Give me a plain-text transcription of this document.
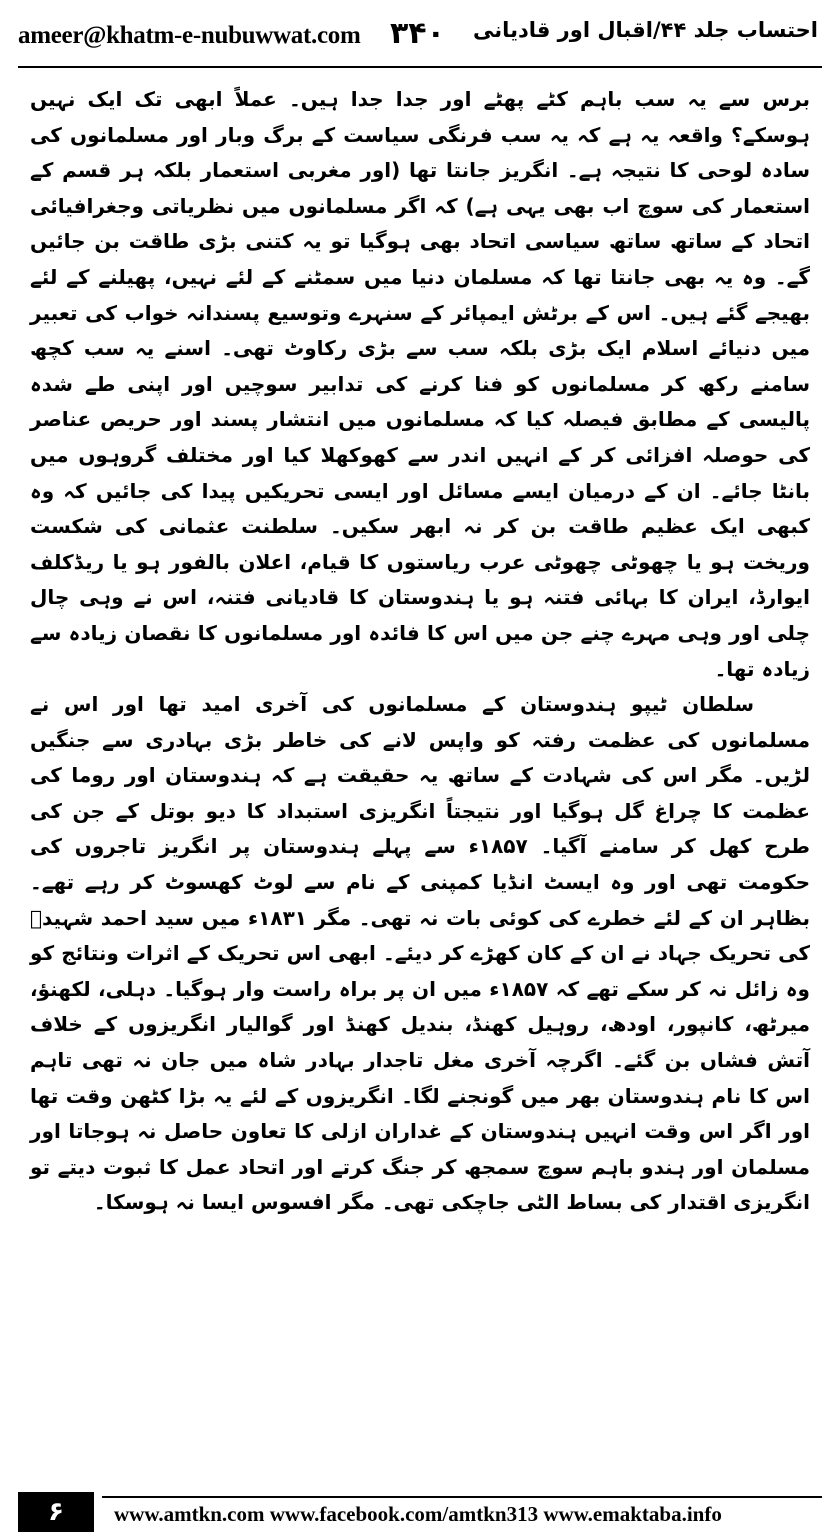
ameer@khatm-e-nubuwwat.com ۳۴۰ احتساب جلد ۴۴/اقبال اور قادیانی

برس سے یہ سب باہم کٹے پھٹے اور جدا جدا ہیں۔ عملاً ابھی تک ایک نہیں ہوسکے؟ واقعہ یہ ہے کہ یہ سب فرنگی سیاست کے برگ وبار اور مسلمانوں کی سادہ لوحی کا نتیجہ ہے۔ انگریز جانتا تھا (اور مغربی استعمار بلکہ ہر قسم کے استعمار کی سوچ اب بھی یہی ہے) کہ اگر مسلمانوں میں نظریاتی وجغرافیائی اتحاد کے ساتھ ساتھ سیاسی اتحاد بھی ہوگیا تو یہ کتنی بڑی طاقت بن جائیں گے۔ وہ یہ بھی جانتا تھا کہ مسلمان دنیا میں سمٹنے کے لئے نہیں، پھیلنے کے لئے بھیجے گئے ہیں۔ اس کے برٹش ایمپائر کے سنہرے وتوسیع پسندانہ خواب کی تعبیر میں دنیائے اسلام ایک بڑی بلکہ سب سے بڑی رکاوٹ تھی۔ اسنے یہ سب کچھ سامنے رکھ کر مسلمانوں کو فنا کرنے کی تدابیر سوچیں اور اپنی طے شدہ پالیسی کے مطابق فیصلہ کیا کہ مسلمانوں میں انتشار پسند اور حریص عناصر کی حوصلہ افزائی کر کے انہیں اندر سے کھوکھلا کیا اور مختلف گروہوں میں بانٹا جائے۔ ان کے درمیان ایسے مسائل اور ایسی تحریکیں پیدا کی جائیں کہ وہ کبھی ایک عظیم طاقت بن کر نہ ابھر سکیں۔ سلطنت عثمانی کی شکست وریخت ہو یا چھوٹی چھوٹی عرب ریاستوں کا قیام، اعلان بالفور ہو یا ریڈکلف ایوارڈ، ایران کا بہائی فتنہ ہو یا ہندوستان کا قادیانی فتنہ، اس نے وہی چال چلی اور وہی مہرے چنے جن میں اس کا فائدہ اور مسلمانوں کا نقصان زیادہ سے زیادہ تھا۔

سلطان ٹیپو ہندوستان کے مسلمانوں کی آخری امید تھا اور اس نے مسلمانوں کی عظمت رفتہ کو واپس لانے کی خاطر بڑی بہادری سے جنگیں لڑیں۔ مگر اس کی شہادت کے ساتھ یہ حقیقت ہے کہ ہندوستان اور روما کی عظمت کا چراغ گل ہوگیا اور نتیجتاً انگریزی استبداد کا دیو بوتل کے جن کی طرح کھل کر سامنے آگیا۔ ۱۸۵۷ء سے پہلے ہندوستان پر انگریز تاجروں کی حکومت تھی اور وہ ایسٹ انڈیا کمپنی کے نام سے لوٹ کھسوٹ کر رہے تھے۔ بظاہر ان کے لئے خطرے کی کوئی بات نہ تھی۔ مگر ۱۸۳۱ء میں سید احمد شہیدؒ کی تحریک جہاد نے ان کے کان کھڑے کر دیئے۔ ابھی اس تحریک کے اثرات ونتائج کو وہ زائل نہ کر سکے تھے کہ ۱۸۵۷ء میں ان پر براہ راست وار ہوگیا۔ دہلی، لکھنؤ، میرٹھ، کانپور، اودھ، روہیل کھنڈ، بندیل کھنڈ اور گوالیار انگریزوں کے خلاف آتش فشاں بن گئے۔ اگرچہ آخری مغل تاجدار بہادر شاہ میں جان نہ تھی تاہم اس کا نام ہندوستان بھر میں گونجنے لگا۔ انگریزوں کے لئے یہ بڑا کٹھن وقت تھا اور اگر اس وقت انہیں ہندوستان کے غداران ازلی کا تعاون حاصل نہ ہوجاتا اور مسلمان اور ہندو باہم سوچ سمجھ کر جنگ کرتے اور اتحاد عمل کا ثبوت دیتے تو انگریزی اقتدار کی بساط الٹی جاچکی تھی۔ مگر افسوس ایسا نہ ہوسکا۔

۶	www.amtkn.com www.facebook.com/amtkn313 www.emaktaba.info
